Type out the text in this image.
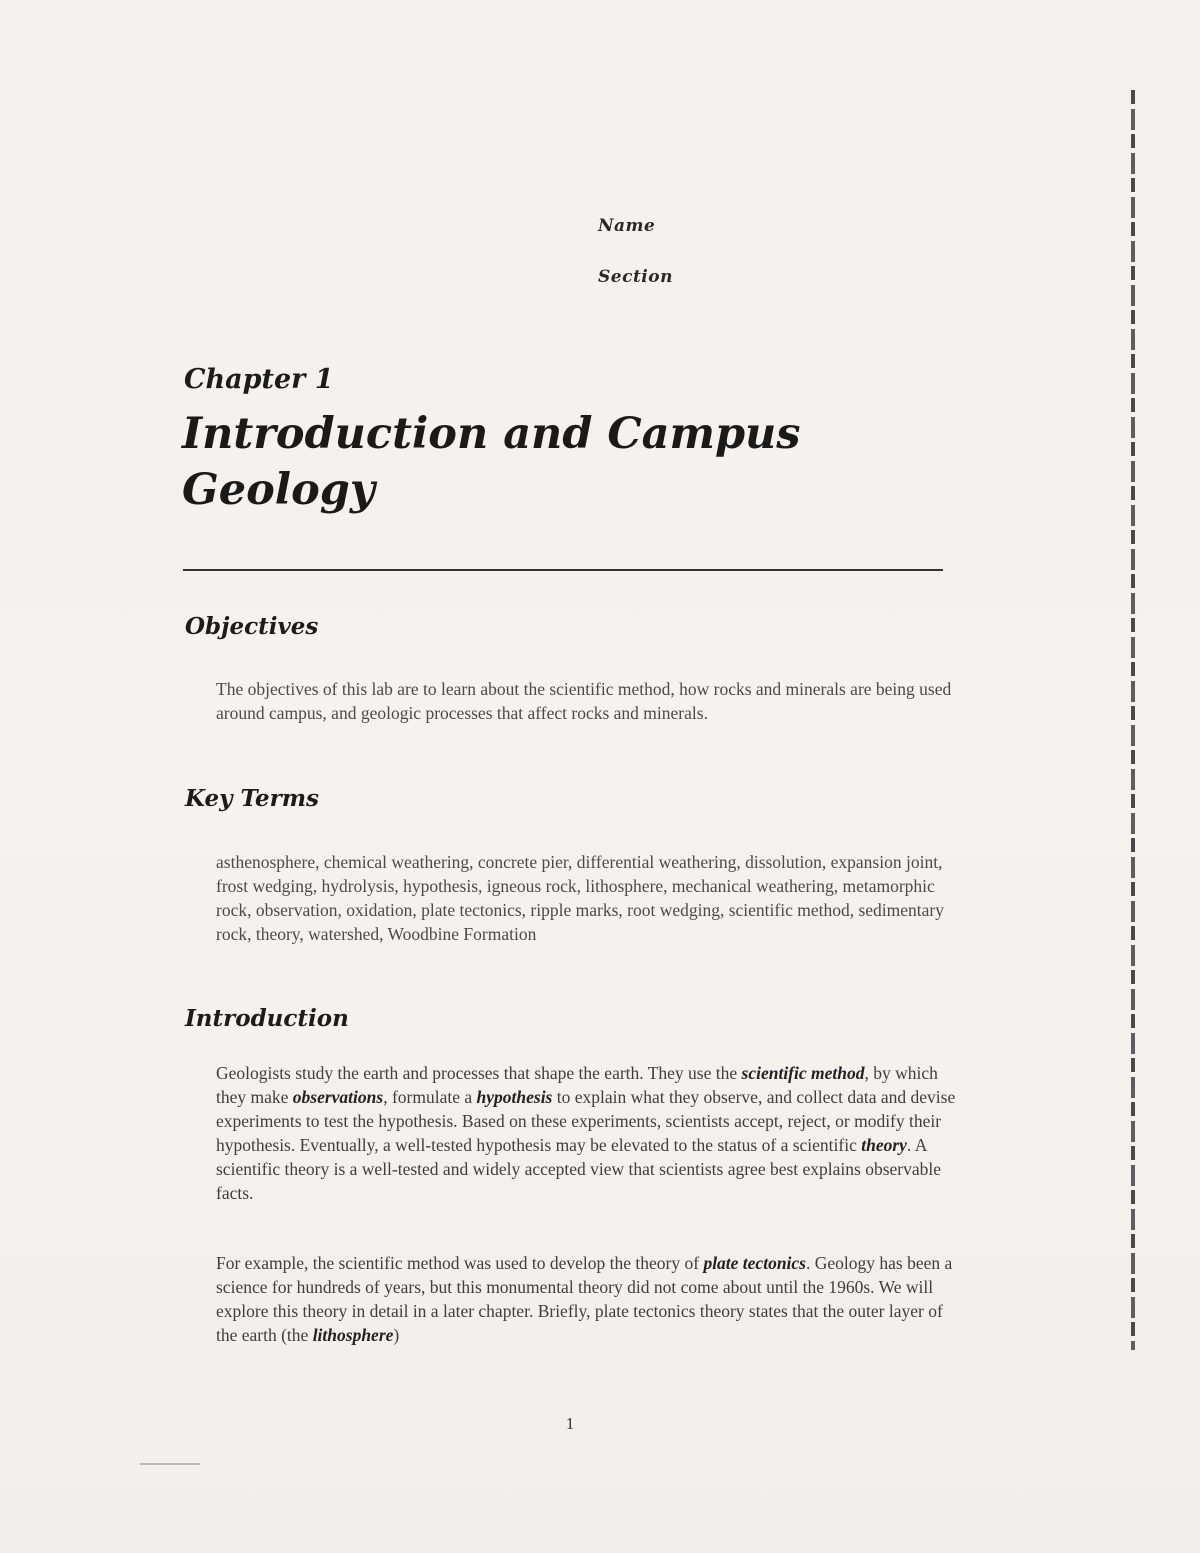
Name
Section
Chapter 1
Introduction and Campus Geology
Objectives

The objectives of this lab are to learn about the scientific method, how rocks and minerals are being used around campus, and geologic processes that affect rocks and minerals.

Key Terms

asthenosphere, chemical weathering, concrete pier, differential weathering, dissolution, expansion joint, frost wedging, hydrolysis, hypothesis, igneous rock, lithosphere, mechanical weathering, metamorphic rock, observation, oxidation, plate tectonics, ripple marks, root wedging, scientific method, sedimentary rock, theory, watershed, Woodbine Formation

Introduction

Geologists study the earth and processes that shape the earth. They use the scientific method, by which they make observations, formulate a hypothesis to explain what they observe, and collect data and devise experiments to test the hypothesis. Based on these experiments, scientists accept, reject, or modify their hypothesis. Eventually, a well-tested hypothesis may be elevated to the status of a scientific theory. A scientific theory is a well-tested and widely accepted view that scientists agree best explains observable facts.

For example, the scientific method was used to develop the theory of plate tectonics. Geology has been a science for hundreds of years, but this monumental theory did not come about until the 1960s. We will explore this theory in detail in a later chapter. Briefly, plate tectonics theory states that the outer layer of the earth (the lithosphere)

1
